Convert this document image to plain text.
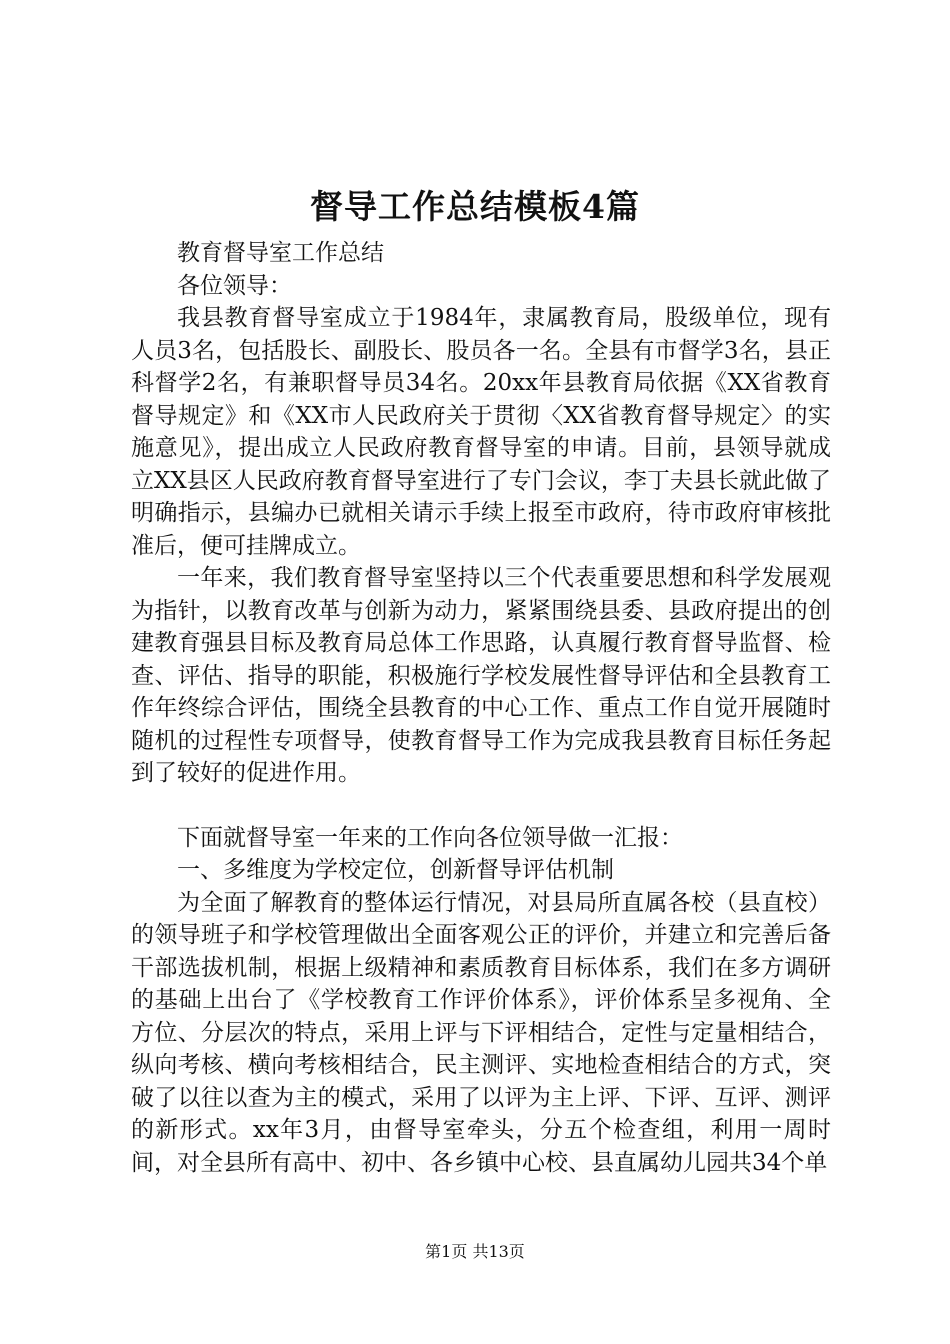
督导工作总结模板4篇

教育督导室工作总结

各位领导：

我县教育督导室成立于1984年，隶属教育局，股级单位，现有人员3名，包括股长、副股长、股员各一名。全县有市督学3名，县正科督学2名，有兼职督导员34名。20xx年县教育局依据《XX省教育督导规定》和《XX市人民政府关于贯彻〈XX省教育督导规定〉的实施意见》，提出成立人民政府教育督导室的申请。目前，县领导就成立XX县区人民政府教育督导室进行了专门会议，李丁夫县长就此做了明确指示，县编办已就相关请示手续上报至市政府，待市政府审核批准后，便可挂牌成立。

一年来，我们教育督导室坚持以三个代表重要思想和科学发展观为指针，以教育改革与创新为动力，紧紧围绕县委、县政府提出的创建教育强县目标及教育局总体工作思路，认真履行教育督导监督、检查、评估、指导的职能，积极施行学校发展性督导评估和全县教育工作年终综合评估，围绕全县教育的中心工作、重点工作自觉开展随时随机的过程性专项督导，使教育督导工作为完成我县教育目标任务起到了较好的促进作用。

下面就督导室一年来的工作向各位领导做一汇报：

一、多维度为学校定位，创新督导评估机制

为全面了解教育的整体运行情况，对县局所直属各校（县直校）的领导班子和学校管理做出全面客观公正的评价，并建立和完善后备干部选拔机制，根据上级精神和素质教育目标体系，我们在多方调研的基础上出台了《学校教育工作评价体系》，评价体系呈多视角、全方位、分层次的特点，采用上评与下评相结合，定性与定量相结合，纵向考核、横向考核相结合，民主测评、实地检查相结合的方式，突破了以往以查为主的模式，采用了以评为主上评、下评、互评、测评的新形式。xx年3月，由督导室牵头，分五个检查组，利用一周时间，对全县所有高中、初中、各乡镇中心校、县直属幼儿园共34个单

第1页 共13页
